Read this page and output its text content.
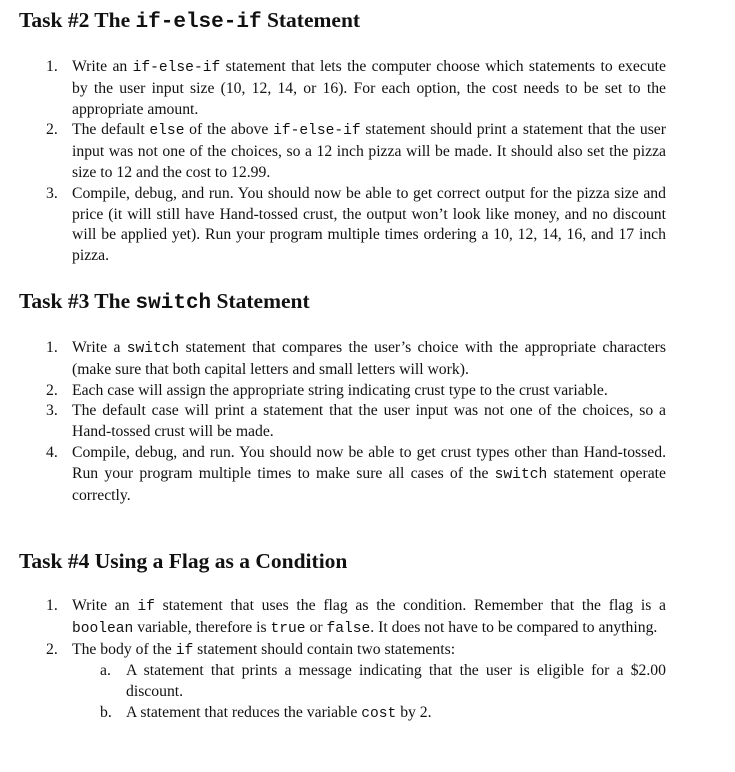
Task #2 The if-else-if Statement
1. Write an if-else-if statement that lets the computer choose which statements to execute by the user input size (10, 12, 14, or 16). For each option, the cost needs to be set to the appropriate amount.
2. The default else of the above if-else-if statement should print a statement that the user input was not one of the choices, so a 12 inch pizza will be made. It should also set the pizza size to 12 and the cost to 12.99.
3. Compile, debug, and run. You should now be able to get correct output for the pizza size and price (it will still have Hand-tossed crust, the output won’t look like money, and no discount will be applied yet). Run your program multiple times ordering a 10, 12, 14, 16, and 17 inch pizza.
Task #3 The switch Statement
1. Write a switch statement that compares the user’s choice with the appropriate characters (make sure that both capital letters and small letters will work).
2. Each case will assign the appropriate string indicating crust type to the crust variable.
3. The default case will print a statement that the user input was not one of the choices, so a Hand-tossed crust will be made.
4. Compile, debug, and run. You should now be able to get crust types other than Hand-tossed. Run your program multiple times to make sure all cases of the switch statement operate correctly.
Task #4 Using a Flag as a Condition
1. Write an if statement that uses the flag as the condition. Remember that the flag is a boolean variable, therefore is true or false. It does not have to be compared to anything.
2. The body of the if statement should contain two statements:
a. A statement that prints a message indicating that the user is eligible for a $2.00 discount.
b. A statement that reduces the variable cost by 2.
